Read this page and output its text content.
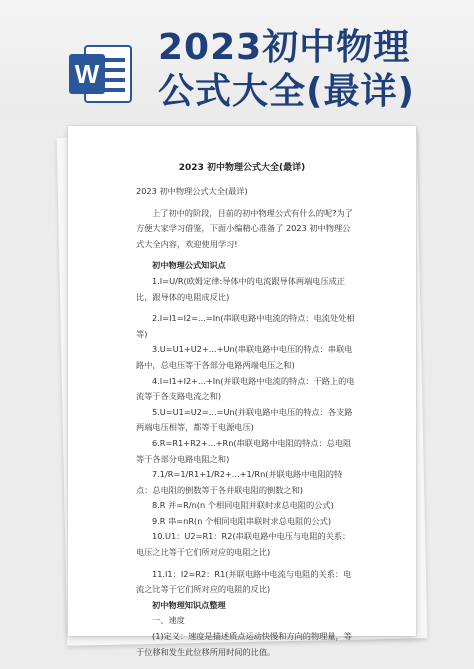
W
2023初中物理
公式大全(最详)
2023 初中物理公式大全(最详)

2023 初中物理公式大全(最详)

上了初中的阶段，目前的初中物理公式有什么的呢?为了方便大家学习借鉴，下面小编精心准备了 2023 初中物理公式大全内容，欢迎使用学习!

初中物理公式知识点

1.I=U/R(欧姆定律:导体中的电流跟导体两端电压成正比，跟导体的电阻成反比)

2.I=I1=I2=...=In(串联电路中电流的特点：电流处处相等)

3.U=U1+U2+...+Un(串联电路中电压的特点：串联电路中，总电压等于各部分电路两端电压之和)

4.I=I1+I2+...+In(并联电路中电流的特点：干路上的电流等于各支路电流之和)

5.U=U1=U2=...=Un(并联电路中电压的特点：各支路两端电压相等，都等于电源电压)

6.R=R1+R2+...+Rn(串联电路中电阻的特点：总电阻等于各部分电路电阻之和)

7.1/R=1/R1+1/R2+...+1/Rn(并联电路中电阻的特点：总电阻的倒数等于各并联电阻的倒数之和)

8.R 并=R/n(n 个相同电阻并联时求总电阻的公式)

9.R 串=nR(n 个相同电阻串联时求总电阻的公式)

10.U1：U2=R1：R2(串联电路中电压与电阻的关系：电压之比等于它们所对应的电阻之比)

11.I1：I2=R2：R1(并联电路中电流与电阻的关系：电流之比等于它们所对应的电阻的反比)

初中物理知识点整理

一、速度

(1)定义：速度是描述质点运动快慢和方向的物理量，等于位移和发生此位移所用时间的比值。
